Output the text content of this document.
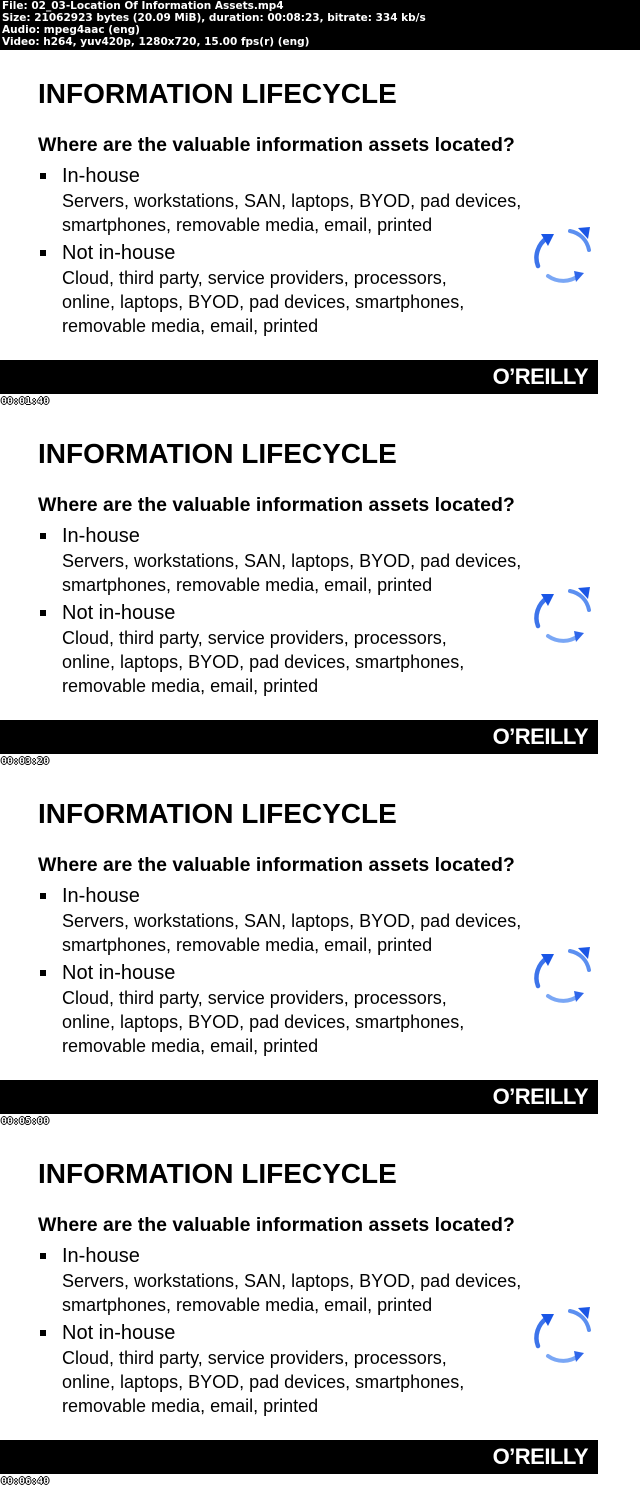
File: 02_03-Location Of Information Assets.mp4
Size: 21062923 bytes (20.09 MiB), duration: 00:08:23, bitrate: 334 kb/s
Audio: mpeg4aac (eng)
Video: h264, yuv420p, 1280x720, 15.00 fps(r) (eng)
INFORMATION LIFECYCLE
Where are the valuable information assets located?
In-house
Servers, workstations, SAN, laptops, BYOD, pad devices,
smartphones, removable media, email, printed
Not in-house
Cloud, third party, service providers, processors,
online, laptops, BYOD, pad devices, smartphones,
removable media, email, printed
O’REILLY
00:01:40
INFORMATION LIFECYCLE
Where are the valuable information assets located?
In-house
Servers, workstations, SAN, laptops, BYOD, pad devices,
smartphones, removable media, email, printed
Not in-house
Cloud, third party, service providers, processors,
online, laptops, BYOD, pad devices, smartphones,
removable media, email, printed
O’REILLY
00:03:20
INFORMATION LIFECYCLE
Where are the valuable information assets located?
In-house
Servers, workstations, SAN, laptops, BYOD, pad devices,
smartphones, removable media, email, printed
Not in-house
Cloud, third party, service providers, processors,
online, laptops, BYOD, pad devices, smartphones,
removable media, email, printed
O’REILLY
00:05:00
INFORMATION LIFECYCLE
Where are the valuable information assets located?
In-house
Servers, workstations, SAN, laptops, BYOD, pad devices,
smartphones, removable media, email, printed
Not in-house
Cloud, third party, service providers, processors,
online, laptops, BYOD, pad devices, smartphones,
removable media, email, printed
O’REILLY
00:06:40
